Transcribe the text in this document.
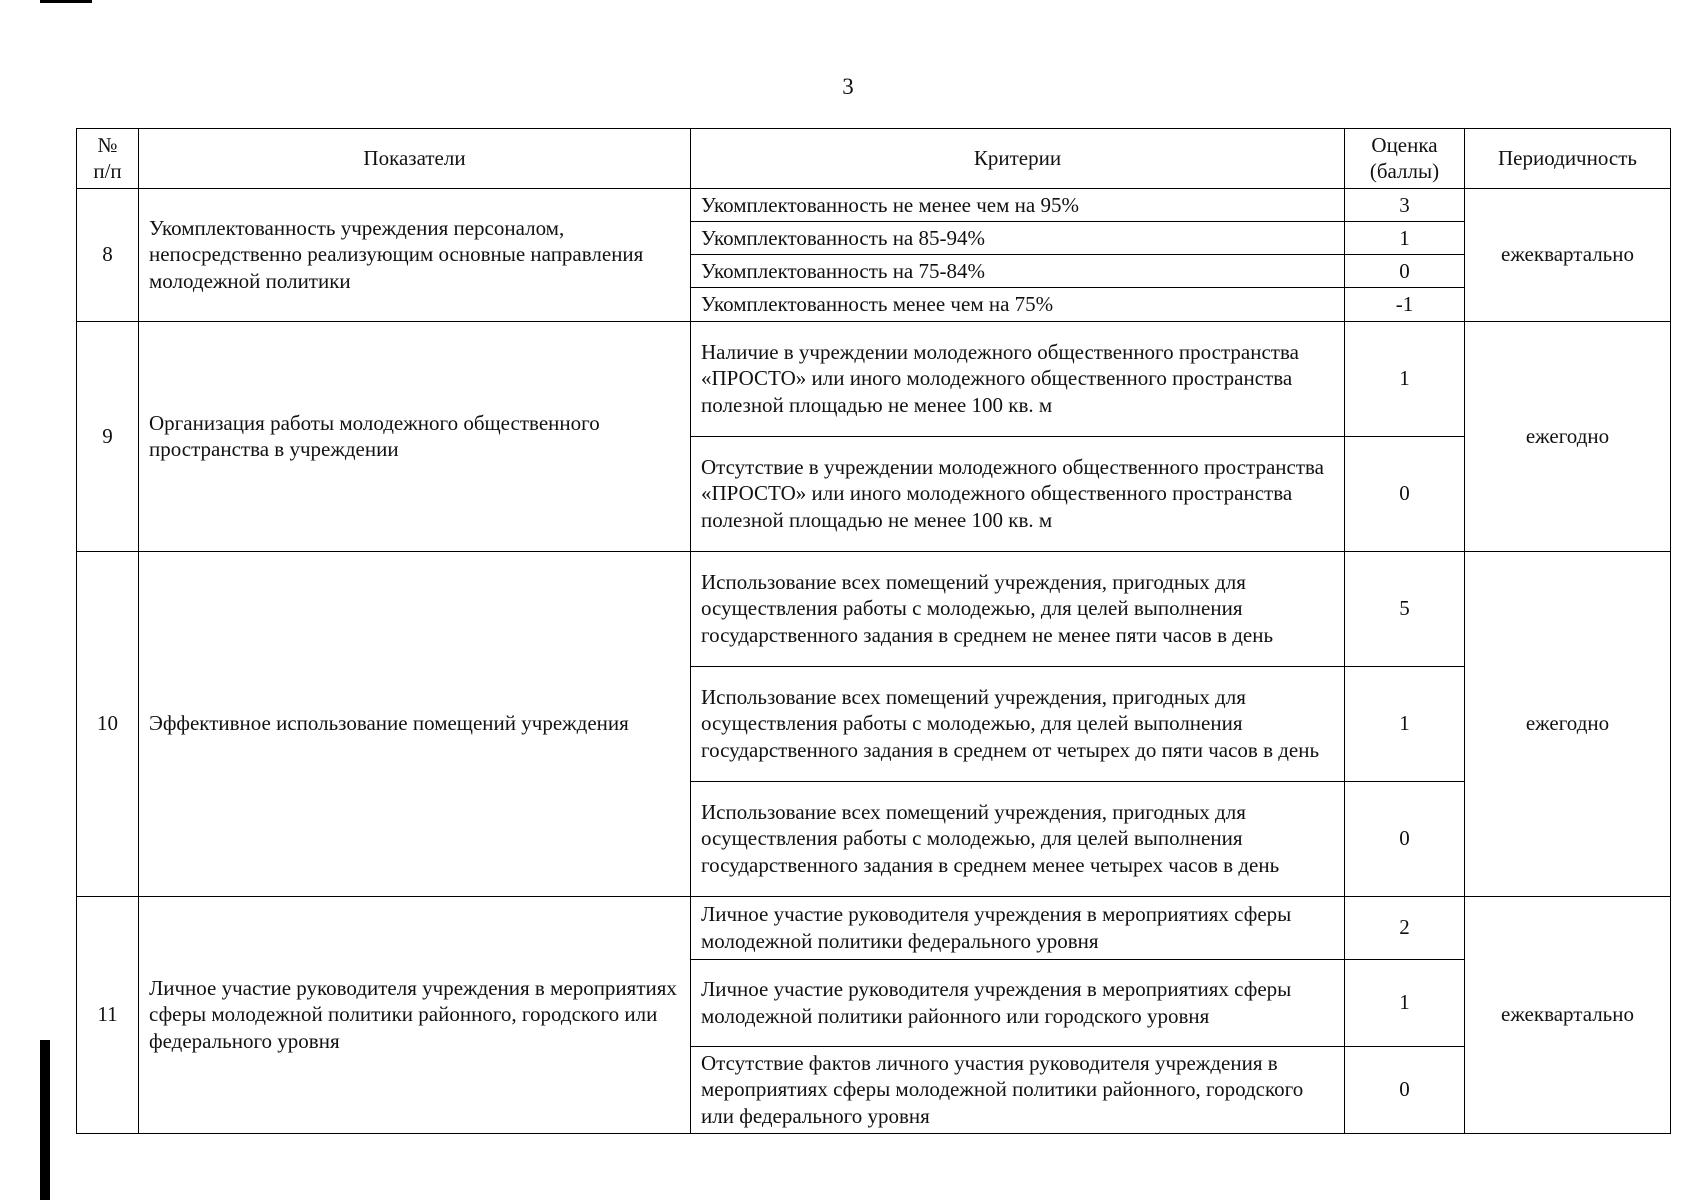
3
№ п/п	Показатели	Критерии	Оценка (баллы)	Периодичность
8	Укомплектованность учреждения персоналом, непосредственно реализующим основные направления молодежной политики	Укомплектованность не менее чем на 95%	3	ежеквартально
		Укомплектованность на 85-94%	1	
		Укомплектованность на 75-84%	0	
		Укомплектованность менее чем на 75%	-1	
9	Организация работы молодежного общественного пространства в учреждении	Наличие в учреждении молодежного общественного пространства «ПРОСТО» или иного молодежного общественного пространства полезной площадью не менее 100 кв. м	1	ежегодно
		Отсутствие в учреждении молодежного общественного пространства «ПРОСТО» или иного молодежного общественного пространства полезной площадью не менее 100 кв. м	0	
10	Эффективное использование помещений учреждения	Использование всех помещений учреждения, пригодных для осуществления работы с молодежью, для целей выполнения государственного задания в среднем не менее пяти часов в день	5	ежегодно
		Использование всех помещений учреждения, пригодных для осуществления работы с молодежью, для целей выполнения государственного задания в среднем от четырех до пяти часов в день	1	
		Использование всех помещений учреждения, пригодных для осуществления работы с молодежью, для целей выполнения государственного задания в среднем менее четырех часов в день	0	
11	Личное участие руководителя учреждения в мероприятиях сферы молодежной политики районного, городского или федерального уровня	Личное участие руководителя учреждения в мероприятиях сферы молодежной политики федерального уровня	2	ежеквартально
		Личное участие руководителя учреждения в мероприятиях сферы молодежной политики районного или городского уровня	1	
		Отсутствие фактов личного участия руководителя учреждения в мероприятиях сферы молодежной политики районного, городского или федерального уровня	0	
